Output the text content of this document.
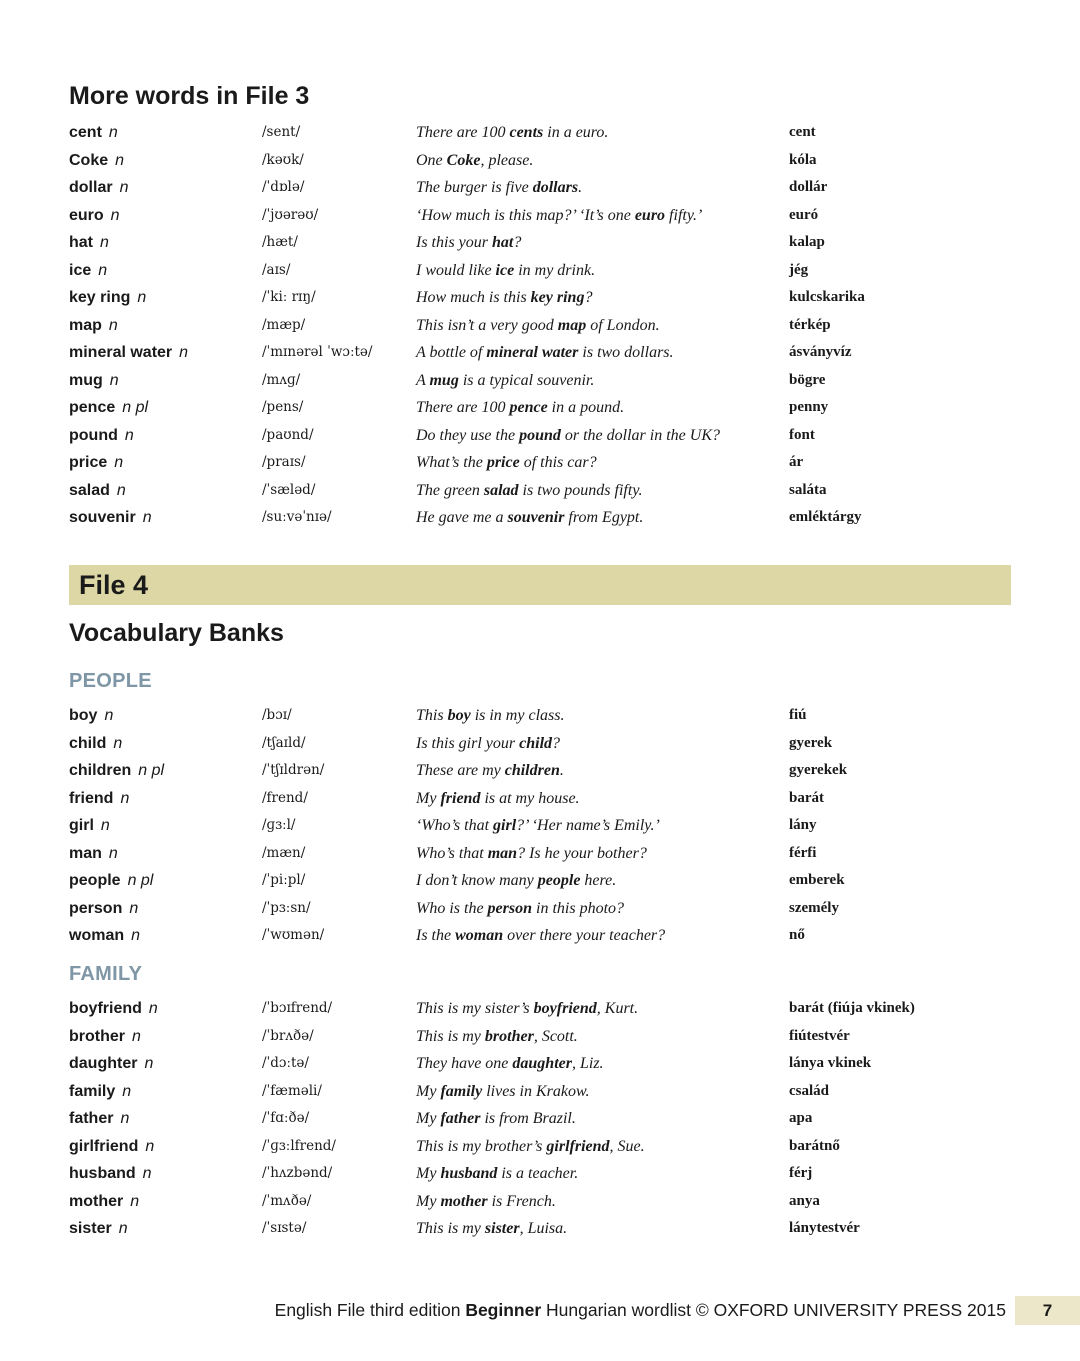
More words in File 3
cent n	/sent/	There are 100 cents in a euro.	cent
Coke n	/kəʊk/	One Coke, please.	kóla
dollar n	/ˈdɒlə/	The burger is five dollars.	dollár
euro n	/ˈjʊərəʊ/	‘How much is this map?’ ‘It’s one euro fifty.’	euró
hat n	/hæt/	Is this your hat?	kalap
ice n	/aɪs/	I would like ice in my drink.	jég
key ring n	/ˈkiː rɪŋ/	How much is this key ring?	kulcskarika
map n	/mæp/	This isn’t a very good map of London.	térkép
mineral water n	/ˈmɪnərəl ˈwɔːtə/	A bottle of mineral water is two dollars.	ásványvíz
mug n	/mʌɡ/	A mug is a typical souvenir.	bögre
pence n pl	/pens/	There are 100 pence in a pound.	penny
pound n	/paʊnd/	Do they use the pound or the dollar in the UK?	font
price n	/praɪs/	What’s the price of this car?	ár
salad n	/ˈsæləd/	The green salad is two pounds fifty.	saláta
souvenir n	/suːvəˈnɪə/	He gave me a souvenir from Egypt.	emléktárgy
File 4
Vocabulary Banks
PEOPLE
boy n	/bɔɪ/	This boy is in my class.	fiú
child n	/tʃaɪld/	Is this girl your child?	gyerek
children n pl	/ˈtʃɪldrən/	These are my children.	gyerekek
friend n	/frend/	My friend is at my house.	barát
girl n	/ɡɜːl/	‘Who’s that girl?’ ‘Her name’s Emily.’	lány
man n	/mæn/	Who’s that man? Is he your bother?	férfi
people n pl	/ˈpiːpl/	I don’t know many people here.	emberek
person n	/ˈpɜːsn/	Who is the person in this photo?	személy
woman n	/ˈwʊmən/	Is the woman over there your teacher?	nő
FAMILY
boyfriend n	/ˈbɔɪfrend/	This is my sister’s boyfriend, Kurt.	barát (fiúja vkinek)
brother n	/ˈbrʌðə/	This is my brother, Scott.	fiútestvér
daughter n	/ˈdɔːtə/	They have one daughter, Liz.	lánya vkinek
family n	/ˈfæməli/	My family lives in Krakow.	család
father n	/ˈfɑːðə/	My father is from Brazil.	apa
girlfriend n	/ˈɡɜːlfrend/	This is my brother’s girlfriend, Sue.	barátnő
husband n	/ˈhʌzbənd/	My husband is a teacher.	férj
mother n	/ˈmʌðə/	My mother is French.	anya
sister n	/ˈsɪstə/	This is my sister, Luisa.	lánytestvér
English File third edition Beginner Hungarian wordlist © OXFORD UNIVERSITY PRESS 2015	7
